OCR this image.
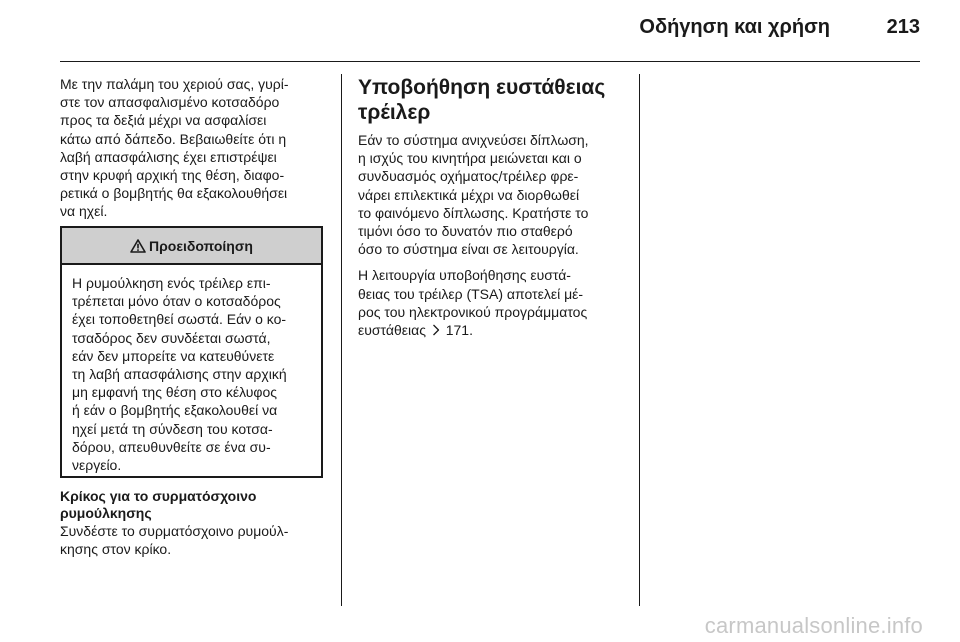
Οδήγηση και χρήση	213
Με την παλάμη του χεριού σας, γυρί-
στε τον απασφαλισμένο κοτσαδόρο
προς τα δεξιά μέχρι να ασφαλίσει
κάτω από δάπεδο. Βεβαιωθείτε ότι η
λαβή απασφάλισης έχει επιστρέψει
στην κρυφή αρχική της θέση, διαφο-
ρετικά ο βομβητής θα εξακολουθήσει
να ηχεί.
Προειδοποίηση
Η ρυμούλκηση ενός τρέιλερ επι-
τρέπεται μόνο όταν ο κοτσαδόρος
έχει τοποθετηθεί σωστά. Εάν ο κο-
τσαδόρος δεν συνδέεται σωστά,
εάν δεν μπορείτε να κατευθύνετε
τη λαβή απασφάλισης στην αρχική
μη εμφανή της θέση στο κέλυφος
ή εάν ο βομβητής εξακολουθεί να
ηχεί μετά τη σύνδεση του κοτσα-
δόρου, απευθυνθείτε σε ένα συ-
νεργείο.
Κρίκος για το συρματόσχοινο
ρυμούλκησης
Συνδέστε το συρματόσχοινο ρυμούλ-
κησης στον κρίκο.
Υποβοήθηση ευστάθειας
τρέιλερ
Εάν το σύστημα ανιχνεύσει δίπλωση,
η ισχύς του κινητήρα μειώνεται και ο
συνδυασμός οχήματος/τρέιλερ φρε-
νάρει επιλεκτικά μέχρι να διορθωθεί
το φαινόμενο δίπλωσης. Κρατήστε το
τιμόνι όσο το δυνατόν πιο σταθερό
όσο το σύστημα είναι σε λειτουργία.
Η λειτουργία υποβοήθησης ευστά-
θειας του τρέιλερ (TSA) αποτελεί μέ-
ρος του ηλεκτρονικού προγράμματος
ευστάθειας 171.
carmanualsonline.info
